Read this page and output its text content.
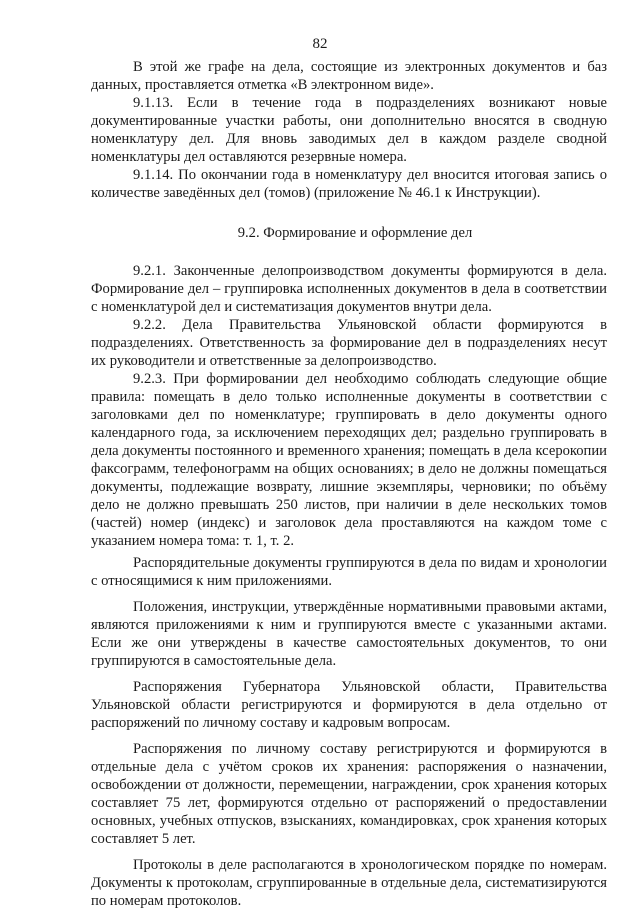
82

В этой же графе на дела, состоящие из электронных документов и баз данных, проставляется отметка «В электронном виде».

9.1.13. Если в течение года в подразделениях возникают новые документированные участки работы, они дополнительно вносятся в сводную номенклатуру дел. Для вновь заводимых дел в каждом разделе сводной номенклатуры дел оставляются резервные номера.

9.1.14. По окончании года в номенклатуру дел вносится итоговая запись о количестве заведённых дел (томов) (приложение № 46.1 к Инструкции).

9.2. Формирование и оформление дел

9.2.1. Законченные делопроизводством документы формируются в дела. Формирование дел – группировка исполненных документов в дела в соответствии с номенклатурой дел и систематизация документов внутри дела.

9.2.2. Дела Правительства Ульяновской области формируются в подразделениях. Ответственность за формирование дел в подразделениях несут их руководители и ответственные за делопроизводство.

9.2.3. При формировании дел необходимо соблюдать следующие общие правила: помещать в дело только исполненные документы в соответствии с заголовками дел по номенклатуре; группировать в дело документы одного календарного года, за исключением переходящих дел; раздельно группировать в дела документы постоянного и временного хранения; помещать в дела ксерокопии факсограмм, телефонограмм на общих основаниях; в дело не должны помещаться документы, подлежащие возврату, лишние экземпляры, черновики; по объёму дело не должно превышать 250 листов, при наличии в деле нескольких томов (частей) номер (индекс) и заголовок дела проставляются на каждом томе с указанием номера тома: т. 1, т. 2.

Распорядительные документы группируются в дела по видам и хронологии с относящимися к ним приложениями.

Положения, инструкции, утверждённые нормативными правовыми актами, являются приложениями к ним и группируются вместе с указанными актами. Если же они утверждены в качестве самостоятельных документов, то они группируются в самостоятельные дела.

Распоряжения Губернатора Ульяновской области, Правительства Ульяновской области регистрируются и формируются в дела отдельно от распоряжений по личному составу и кадровым вопросам.

Распоряжения по личному составу регистрируются и формируются в отдельные дела с учётом сроков их хранения: распоряжения о назначении, освобождении от должности, перемещении, награждении, срок хранения которых составляет 75 лет, формируются отдельно от распоряжений о предоставлении основных, учебных отпусков, взысканиях, командировках, срок хранения которых составляет 5 лет.

Протоколы в деле располагаются в хронологическом порядке по номерам. Документы к протоколам, сгруппированные в отдельные дела, систематизируются по номерам протоколов.
